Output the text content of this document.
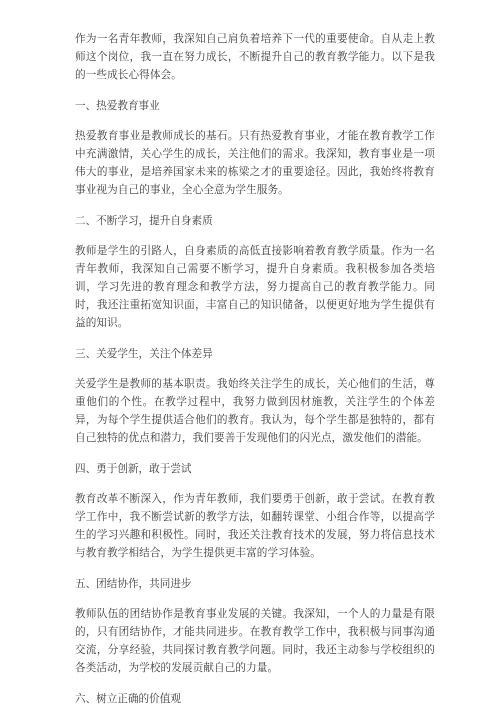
作为一名青年教师，我深知自己肩负着培养下一代的重要使命。自从走上教师这个岗位，我一直在努力成长，不断提升自己的教育教学能力。以下是我的一些成长心得体会。

一、热爱教育事业

热爱教育事业是教师成长的基石。只有热爱教育事业，才能在教育教学工作中充满激情，关心学生的成长，关注他们的需求。我深知，教育事业是一项伟大的事业，是培养国家未来的栋梁之才的重要途径。因此，我始终将教育事业视为自己的事业，全心全意为学生服务。

二、不断学习，提升自身素质

教师是学生的引路人，自身素质的高低直接影响着教育教学质量。作为一名青年教师，我深知自己需要不断学习，提升自身素质。我积极参加各类培训，学习先进的教育理念和教学方法，努力提高自己的教育教学能力。同时，我还注重拓宽知识面，丰富自己的知识储备，以便更好地为学生提供有益的知识。

三、关爱学生，关注个体差异

关爱学生是教师的基本职责。我始终关注学生的成长，关心他们的生活，尊重他们的个性。在教学过程中，我努力做到因材施教，关注学生的个体差异，为每个学生提供适合他们的教育。我认为，每个学生都是独特的，都有自己独特的优点和潜力，我们要善于发现他们的闪光点，激发他们的潜能。

四、勇于创新，敢于尝试

教育改革不断深入，作为青年教师，我们要勇于创新，敢于尝试。在教育教学工作中，我不断尝试新的教学方法，如翻转课堂、小组合作等，以提高学生的学习兴趣和积极性。同时，我还关注教育技术的发展，努力将信息技术与教育教学相结合，为学生提供更丰富的学习体验。

五、团结协作，共同进步

教师队伍的团结协作是教育事业发展的关键。我深知，一个人的力量是有限的，只有团结协作，才能共同进步。在教育教学工作中，我积极与同事沟通交流，分享经验，共同探讨教育教学问题。同时，我还主动参与学校组织的各类活动，为学校的发展贡献自己的力量。

六、树立正确的价值观
